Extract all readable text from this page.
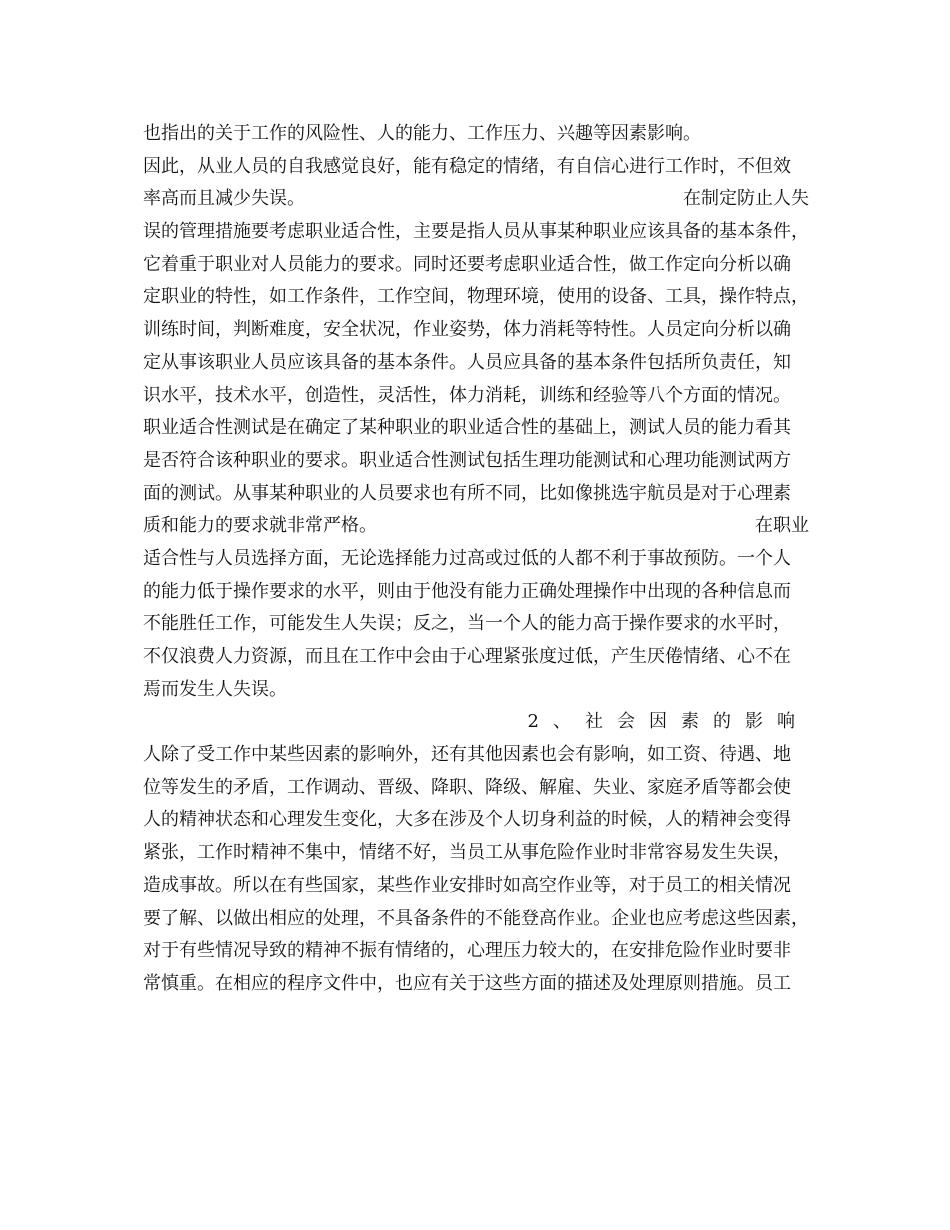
也指出的关于工作的风险性、人的能力、工作压力、兴趣等因素影响。
因此，从业人员的自我感觉良好，能有稳定的情绪，有自信心进行工作时，不但效
率高而且减少失误。	在制定防止人失
误的管理措施要考虑职业适合性，主要是指人员从事某种职业应该具备的基本条件，
它着重于职业对人员能力的要求。同时还要考虑职业适合性，做工作定向分析以确
定职业的特性，如工作条件，工作空间，物理环境，使用的设备、工具，操作特点，
训练时间，判断难度，安全状况，作业姿势，体力消耗等特性。人员定向分析以确
定从事该职业人员应该具备的基本条件。人员应具备的基本条件包括所负责任，知
识水平，技术水平，创造性，灵活性，体力消耗，训练和经验等八个方面的情况。
职业适合性测试是在确定了某种职业的职业适合性的基础上，测试人员的能力看其
是否符合该种职业的要求。职业适合性测试包括生理功能测试和心理功能测试两方
面的测试。从事某种职业的人员要求也有所不同，比如像挑选宇航员是对于心理素
质和能力的要求就非常严格。	在职业
适合性与人员选择方面，无论选择能力过高或过低的人都不利于事故预防。一个人
的能力低于操作要求的水平，则由于他没有能力正确处理操作中出现的各种信息而
不能胜任工作，可能发生人失误；反之，当一个人的能力高于操作要求的水平时，
不仅浪费人力资源，而且在工作中会由于心理紧张度过低，产生厌倦情绪、心不在
焉而发生人失误。
2、社会因素的影响
人除了受工作中某些因素的影响外，还有其他因素也会有影响，如工资、待遇、地
位等发生的矛盾，工作调动、晋级、降职、降级、解雇、失业、家庭矛盾等都会使
人的精神状态和心理发生变化，大多在涉及个人切身利益的时候，人的精神会变得
紧张，工作时精神不集中，情绪不好，当员工从事危险作业时非常容易发生失误，
造成事故。所以在有些国家，某些作业安排时如高空作业等，对于员工的相关情况
要了解、以做出相应的处理，不具备条件的不能登高作业。企业也应考虑这些因素，
对于有些情况导致的精神不振有情绪的，心理压力较大的，在安排危险作业时要非
常慎重。在相应的程序文件中，也应有关于这些方面的描述及处理原则措施。员工
